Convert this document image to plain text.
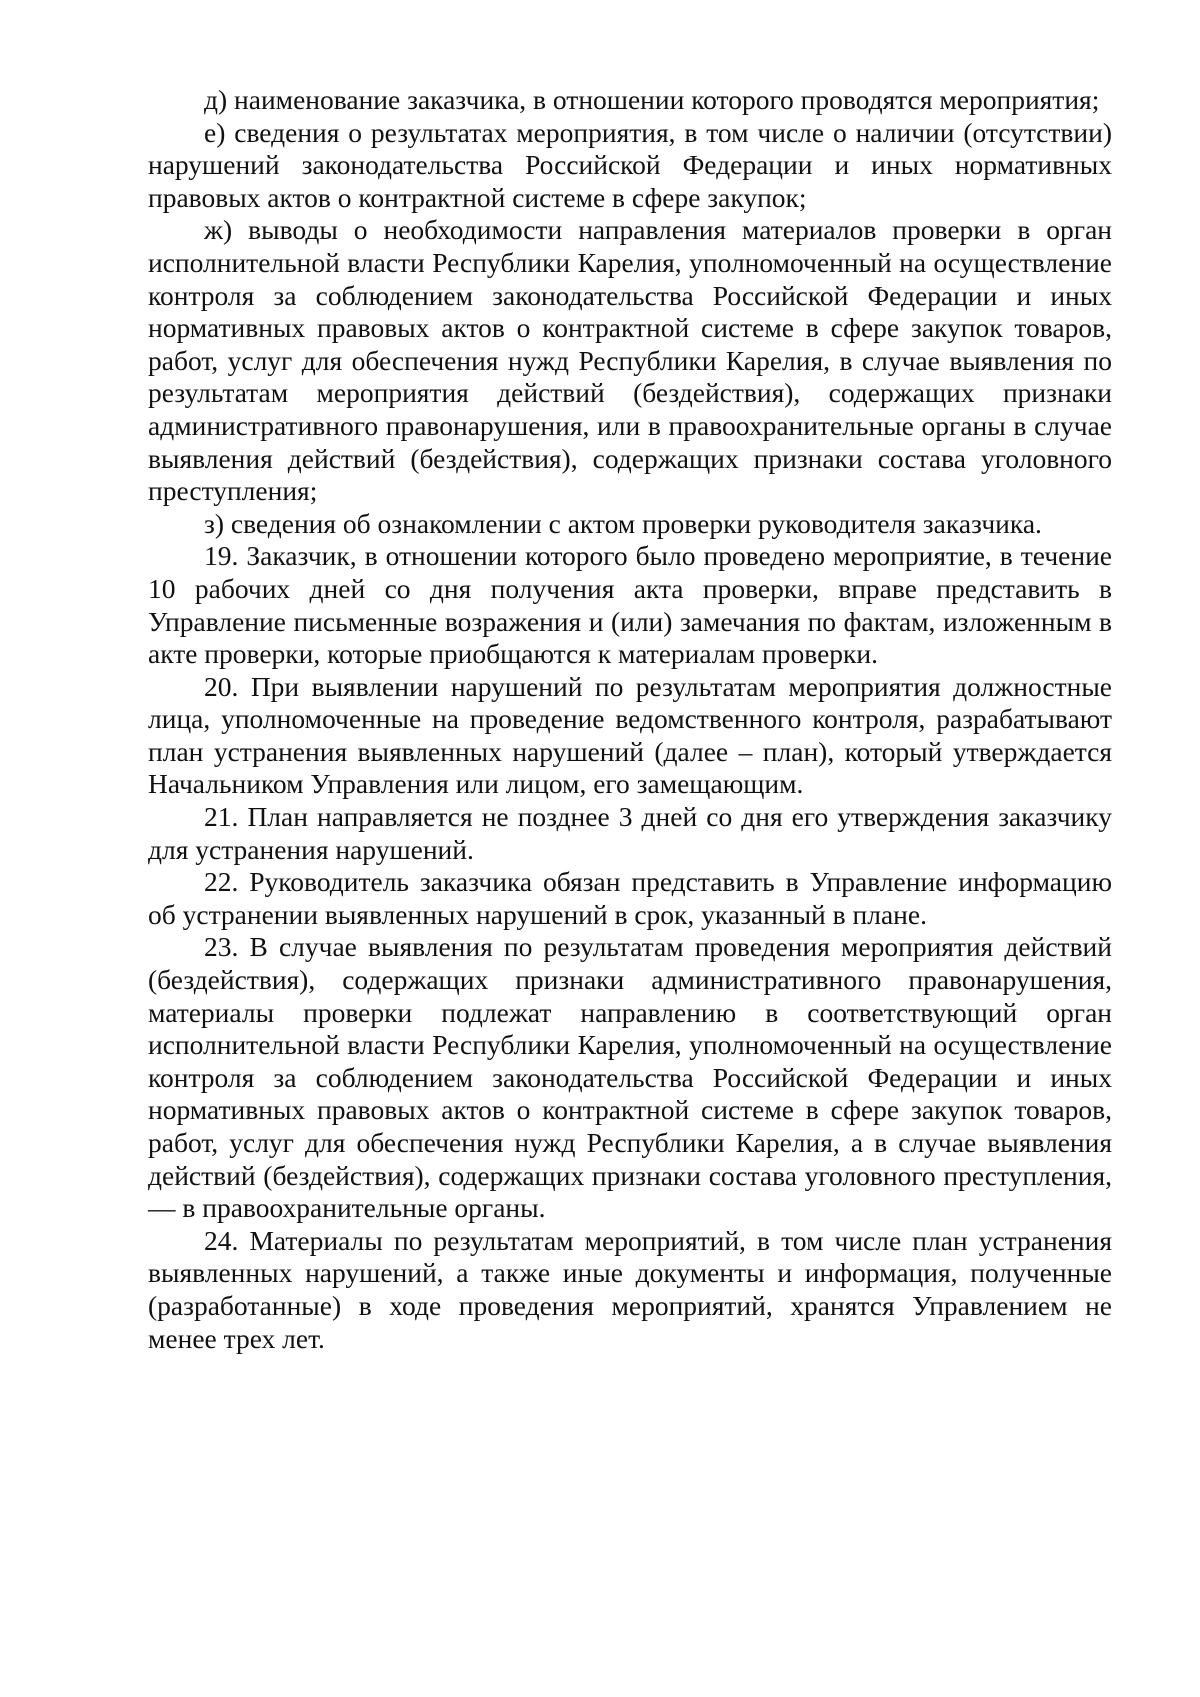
д) наименование заказчика, в отношении которого проводятся мероприятия;

е) сведения о результатах мероприятия, в том числе о наличии (отсутствии) нарушений законодательства Российской Федерации и иных нормативных правовых актов о контрактной системе в сфере закупок;

ж) выводы о необходимости направления материалов проверки в орган исполнительной власти Республики Карелия, уполномоченный на осуществление контроля за соблюдением законодательства Российской Федерации и иных нормативных правовых актов о контрактной системе в сфере закупок товаров, работ, услуг для обеспечения нужд Республики Карелия, в случае выявления по результатам мероприятия действий (бездействия), содержащих признаки административного правонарушения, или в правоохранительные органы в случае выявления действий (бездействия), содержащих признаки состава уголовного преступления;

з) сведения об ознакомлении с актом проверки руководителя заказчика.

19. Заказчик, в отношении которого было проведено мероприятие, в течение 10 рабочих дней со дня получения акта проверки, вправе представить в Управление письменные возражения и (или) замечания по фактам, изложенным в акте проверки, которые приобщаются к материалам проверки.

20. При выявлении нарушений по результатам мероприятия должностные лица, уполномоченные на проведение ведомственного контроля, разрабатывают план устранения выявленных нарушений (далее – план), который утверждается Начальником Управления или лицом, его замещающим.

21. План направляется не позднее 3 дней со дня его утверждения заказчику для устранения нарушений.

22. Руководитель заказчика обязан представить в Управление информацию об устранении выявленных нарушений в срок, указанный в плане.

23. В случае выявления по результатам проведения мероприятия действий (бездействия), содержащих признаки административного правонарушения, материалы проверки подлежат направлению в соответствующий орган исполнительной власти Республики Карелия, уполномоченный на осуществление контроля за соблюдением законодательства Российской Федерации и иных нормативных правовых актов о контрактной системе в сфере закупок товаров, работ, услуг для обеспечения нужд Республики Карелия, а в случае выявления действий (бездействия), содержащих признаки состава уголовного преступления, — в правоохранительные органы.

24. Материалы по результатам мероприятий, в том числе план устранения выявленных нарушений, а также иные документы и информация, полученные (разработанные) в ходе проведения мероприятий, хранятся Управлением не менее трех лет.
